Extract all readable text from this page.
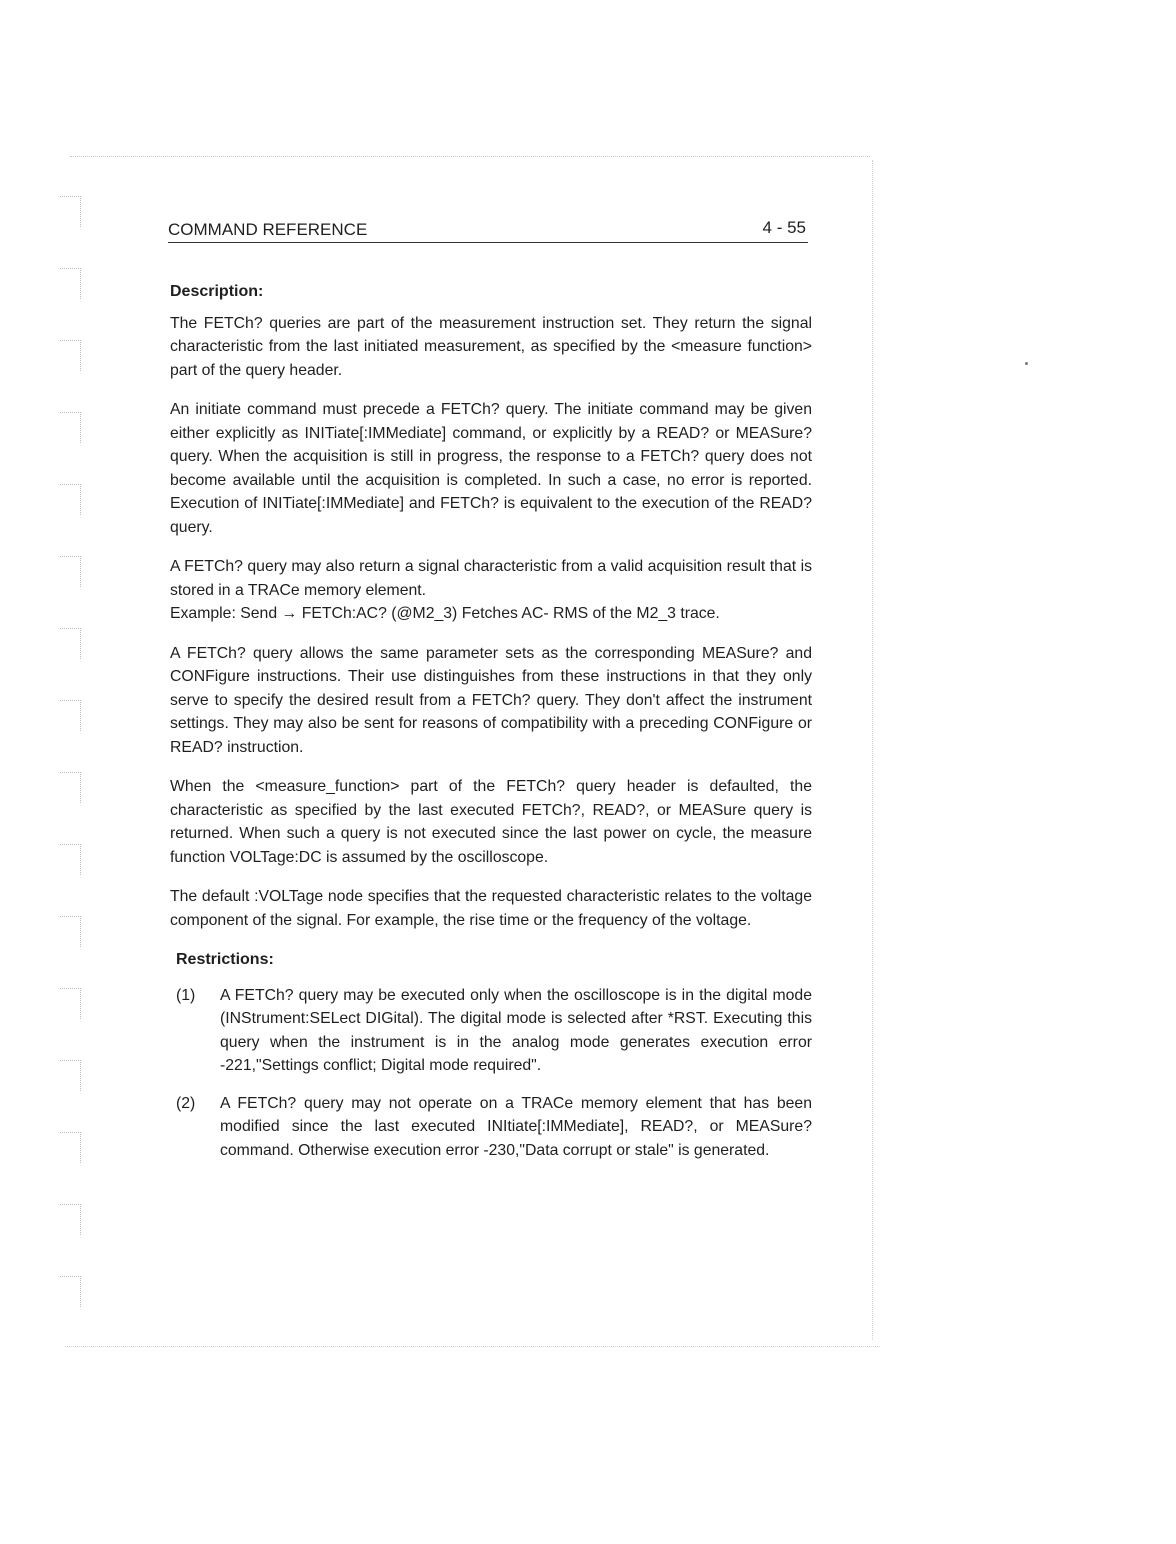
COMMAND REFERENCE	4 - 55
Description:

The FETCh? queries are part of the measurement instruction set. They return the signal characteristic from the last initiated measurement, as specified by the <measure function> part of the query header.

An initiate command must precede a FETCh? query. The initiate command may be given either explicitly as INITiate[:IMMediate] command, or explicitly by a READ? or MEASure? query. When the acquisition is still in progress, the response to a FETCh? query does not become available until the acquisition is completed. In such a case, no error is reported. Execution of INITiate[:IMMediate] and FETCh? is equivalent to the execution of the READ? query.

A FETCh? query may also return a signal characteristic from a valid acquisition result that is stored in a TRACe memory element.
Example: Send → FETCh:AC? (@M2_3) Fetches AC- RMS of the M2_3 trace.

A FETCh? query allows the same parameter sets as the corresponding MEASure? and CONFigure instructions. Their use distinguishes from these instructions in that they only serve to specify the desired result from a FETCh? query. They don't affect the instrument settings. They may also be sent for reasons of compatibility with a preceding CONFigure or READ? instruction.

When the <measure_function> part of the FETCh? query header is defaulted, the characteristic as specified by the last executed FETCh?, READ?, or MEASure query is returned. When such a query is not executed since the last power on cycle, the measure function VOLTage:DC is assumed by the oscilloscope.

The default :VOLTage node specifies that the requested characteristic relates to the voltage component of the signal. For example, the rise time or the frequency of the voltage.

Restrictions:
(1) A FETCh? query may be executed only when the oscilloscope is in the digital mode (INStrument:SELect DIGital). The digital mode is selected after *RST. Executing this query when the instrument is in the analog mode generates execution error -221,"Settings conflict; Digital mode required".
(2) A FETCh? query may not operate on a TRACe memory element that has been modified since the last executed INItiate[:IMMediate], READ?, or MEASure? command. Otherwise execution error -230,"Data corrupt or stale" is generated.
